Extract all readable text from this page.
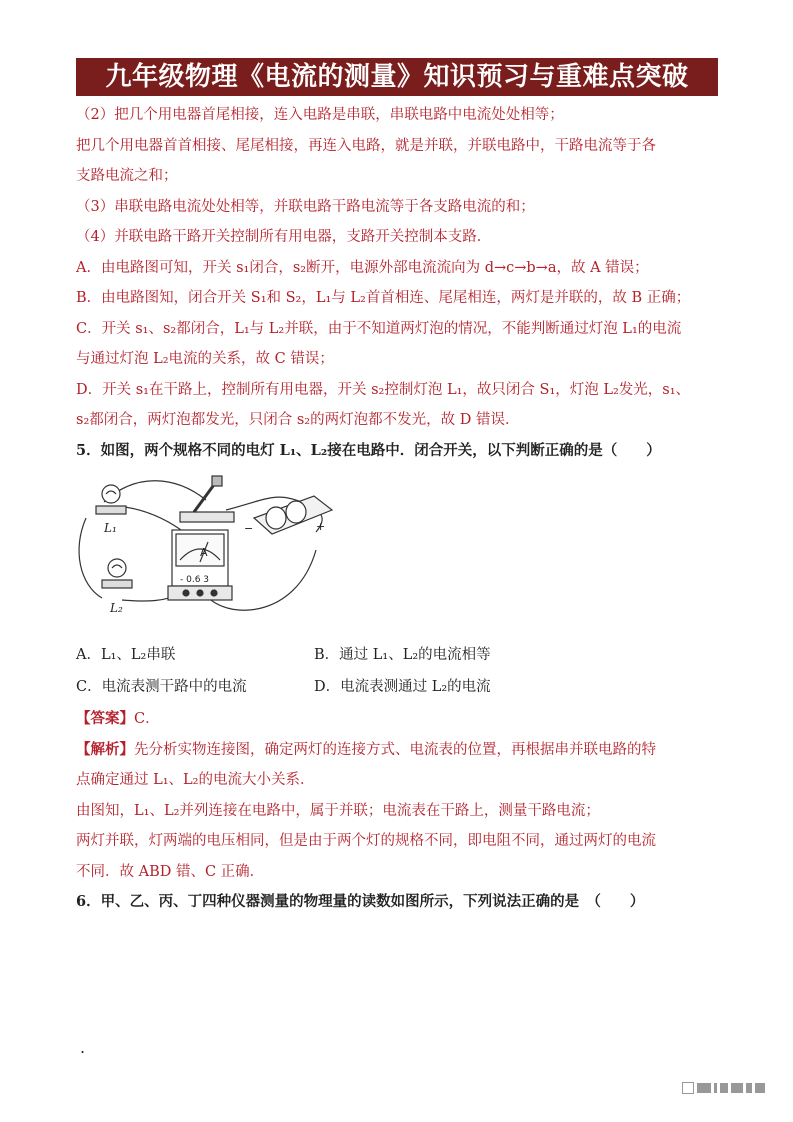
九年级物理《电流的测量》知识预习与重难点突破
（2）把几个用电器首尾相接，连入电路是串联，串联电路中电流处处相等；
把几个用电器首首相接、尾尾相接，再连入电路，就是并联，并联电路中，干路电流等于各
支路电流之和；
（3）串联电路电流处处相等，并联电路干路电流等于各支路电流的和；
（4）并联电路干路开关控制所有用电器，支路开关控制本支路．
A．由电路图可知，开关 s₁闭合，s₂断开，电源外部电流流向为 d→c→b→a，故 A 错误；
B．由电路图知，闭合开关 S₁和 S₂，L₁与 L₂首首相连、尾尾相连，两灯是并联的，故 B 正确；
C．开关 s₁、s₂都闭合，L₁与 L₂并联，由于不知道两灯泡的情况，不能判断通过灯泡 L₁的电流
与通过灯泡 L₂电流的关系，故 C 错误；
D．开关 s₁在干路上，控制所有用电器，开关 s₂控制灯泡 L₁，故只闭合 S₁，灯泡 L₂发光，s₁、
s₂都闭合，两灯泡都发光，只闭合 s₂的两灯泡都不发光，故 D 错误．
5．如图，两个规格不同的电灯 L₁、L₂接在电路中．闭合开关，以下判断正确的是（　　）
L₁
L₂
A
- 0.6 3
−	+
A．L₁、L₂串联	B．通过 L₁、L₂的电流相等
C．电流表测干路中的电流	D．电流表测通过 L₂的电流
【答案】C．
【解析】先分析实物连接图，确定两灯的连接方式、电流表的位置，再根据串并联电路的特
点确定通过 L₁、L₂的电流大小关系．
由图知，L₁、L₂并列连接在电路中，属于并联；电流表在干路上，测量干路电流；
两灯并联，灯两端的电压相同，但是由于两个灯的规格不同，即电阻不同，通过两灯的电流
不同．故 ABD 错、C 正确．
6．甲、乙、丙、丁四种仪器测量的物理量的读数如图所示，下列说法正确的是　（　　）
.
